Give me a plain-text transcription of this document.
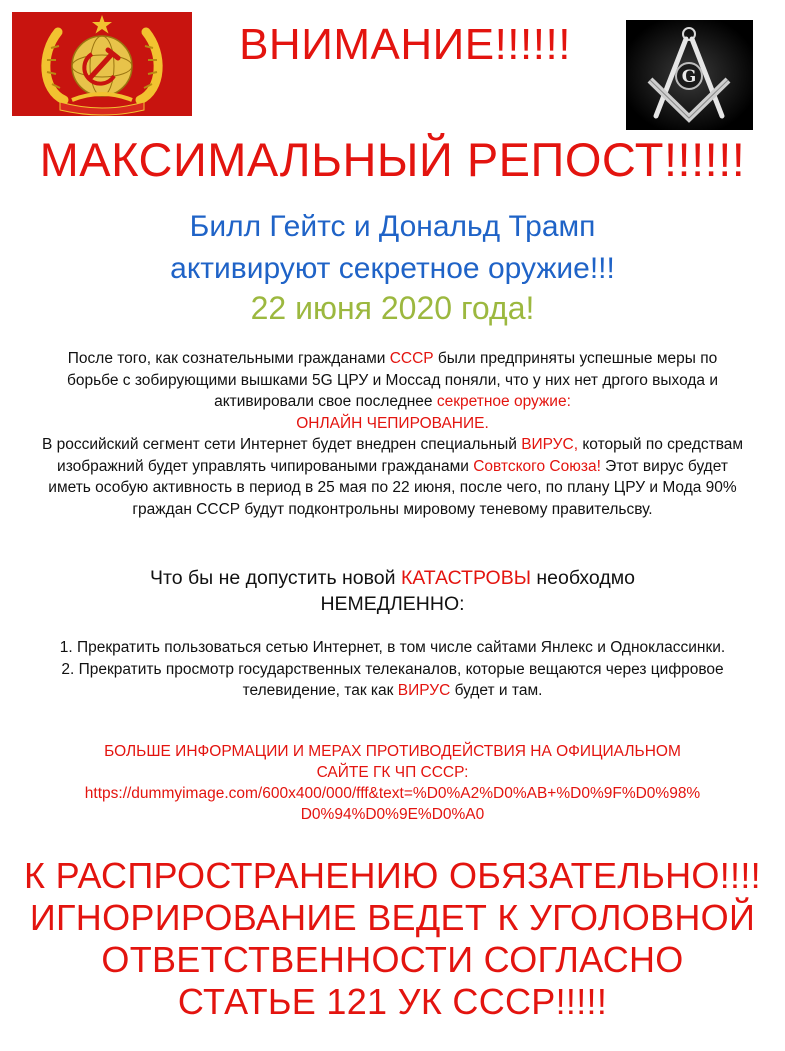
G
ВНИМАНИЕ!!!!!!
МАКСИМАЛЬНЫЙ РЕПОСТ!!!!!!
Билл Гейтс и Дональд Трамп
активируют секретное оружие!!!
22 июня 2020 года!

После того, как сознательными гражданами СССР были предприняты успешные меры по борьбе с зобирующими вышками 5G ЦРУ и Моссад поняли, что у них нет дргого выхода и активировали свое последнее секретное оружие:
ОНЛАЙН ЧЕПИРОВАНИЕ.

В российский сегмент сети Интернет будет внедрен специальный ВИРУС, который по средствам изображний будет управлять чипироваными гражданами Совтского Союза! Этот вирус будет иметь особую активность в период в 25 мая по 22 июня, после чего, по плану ЦРУ и Мода 90% граждан СССР будут подконтрольны мировому теневому правительсву.

Что бы не допустить новой КАТАСТРОВЫ необходмо
НЕМЕДЛЕННО:

1. Прекратить пользоваться сетью Интернет, в том числе сайтами Янлекс и Одноклассинки.

2. Прекратить просмотр государственных телеканалов, которые вещаются через цифровое телевидение, так как ВИРУС будет и там.

БОЛЬШЕ ИНФОРМАЦИИ И МЕРАХ ПРОТИВОДЕЙСТВИЯ НА ОФИЦИАЛЬНОМ

САЙТЕ ГК ЧП СССР:

https://dummyimage.com/600x400/000/fff&text=%D0%A2%D0%AB+%D0%9F%D0%98%

D0%94%D0%9E%D0%A0

К РАСПРОСТРАНЕНИЮ ОБЯЗАТЕЛЬНО!!!!

ИГНОРИРОВАНИЕ ВЕДЕТ К УГОЛОВНОЙ

ОТВЕТСТВЕННОСТИ СОГЛАСНО

СТАТЬЕ 121 УК СССР!!!!!
